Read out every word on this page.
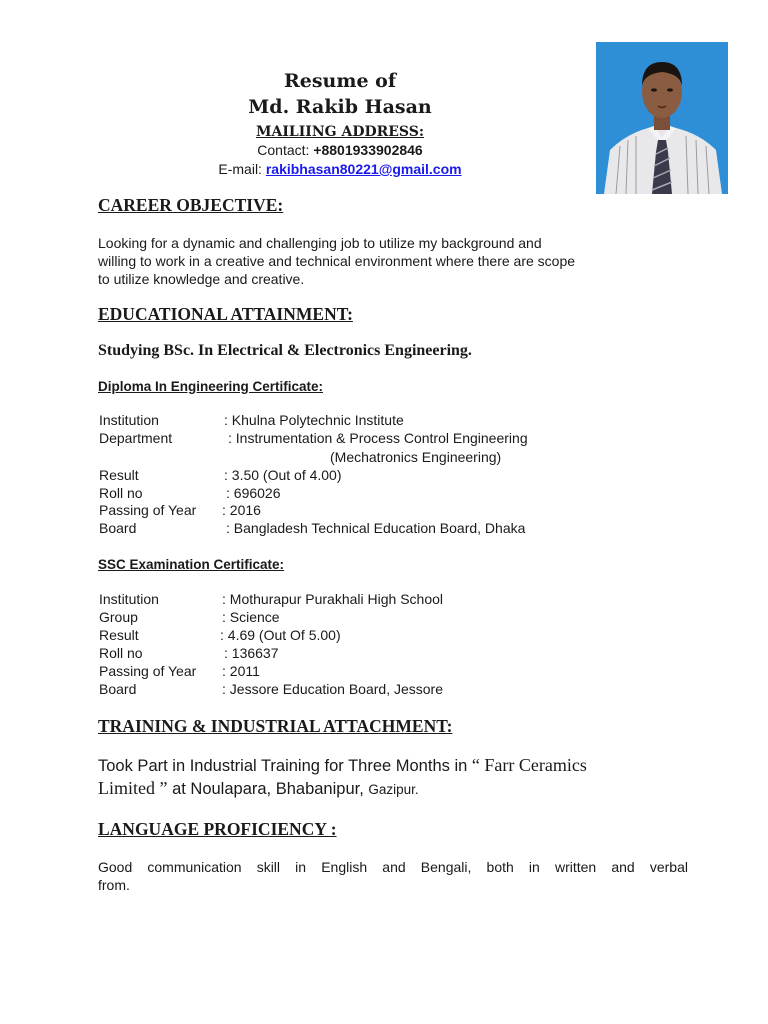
Resume of
Md. Rakib Hasan
MAILIING ADDRESS:
Contact: +8801933902846
E-mail: rakibhasan80221@gmail.com
CAREER OBJECTIVE:
Looking for a dynamic and challenging job to utilize my background and
willing to work in a creative and technical environment where there are scope
to utilize knowledge and creative.
EDUCATIONAL ATTAINMENT:
Studying BSc. In Electrical & Electronics Engineering.
Diploma In Engineering Certificate:
Institution	: Khulna Polytechnic Institute
Department	: Instrumentation & Process Control Engineering
(Mechatronics Engineering)
Result	: 3.50 (Out of 4.00)
Roll no	: 696026
Passing of Year : 2016
Board	: Bangladesh Technical Education Board, Dhaka
SSC Examination Certificate:
Institution	: Mothurapur Purakhali High School
Group	: Science
Result	: 4.69 (Out Of 5.00)
Roll no	: 136637
Passing of Year : 2011
Board	: Jessore Education Board, Jessore
TRAINING & INDUSTRIAL ATTACHMENT:
Took Part in Industrial Training for Three Months in “ Farr Ceramics
Limited ” at Noulapara, Bhabanipur, Gazipur.
LANGUAGE PROFICIENCY :
Good communication skill in English and Bengali, both in written and verbal
from.
